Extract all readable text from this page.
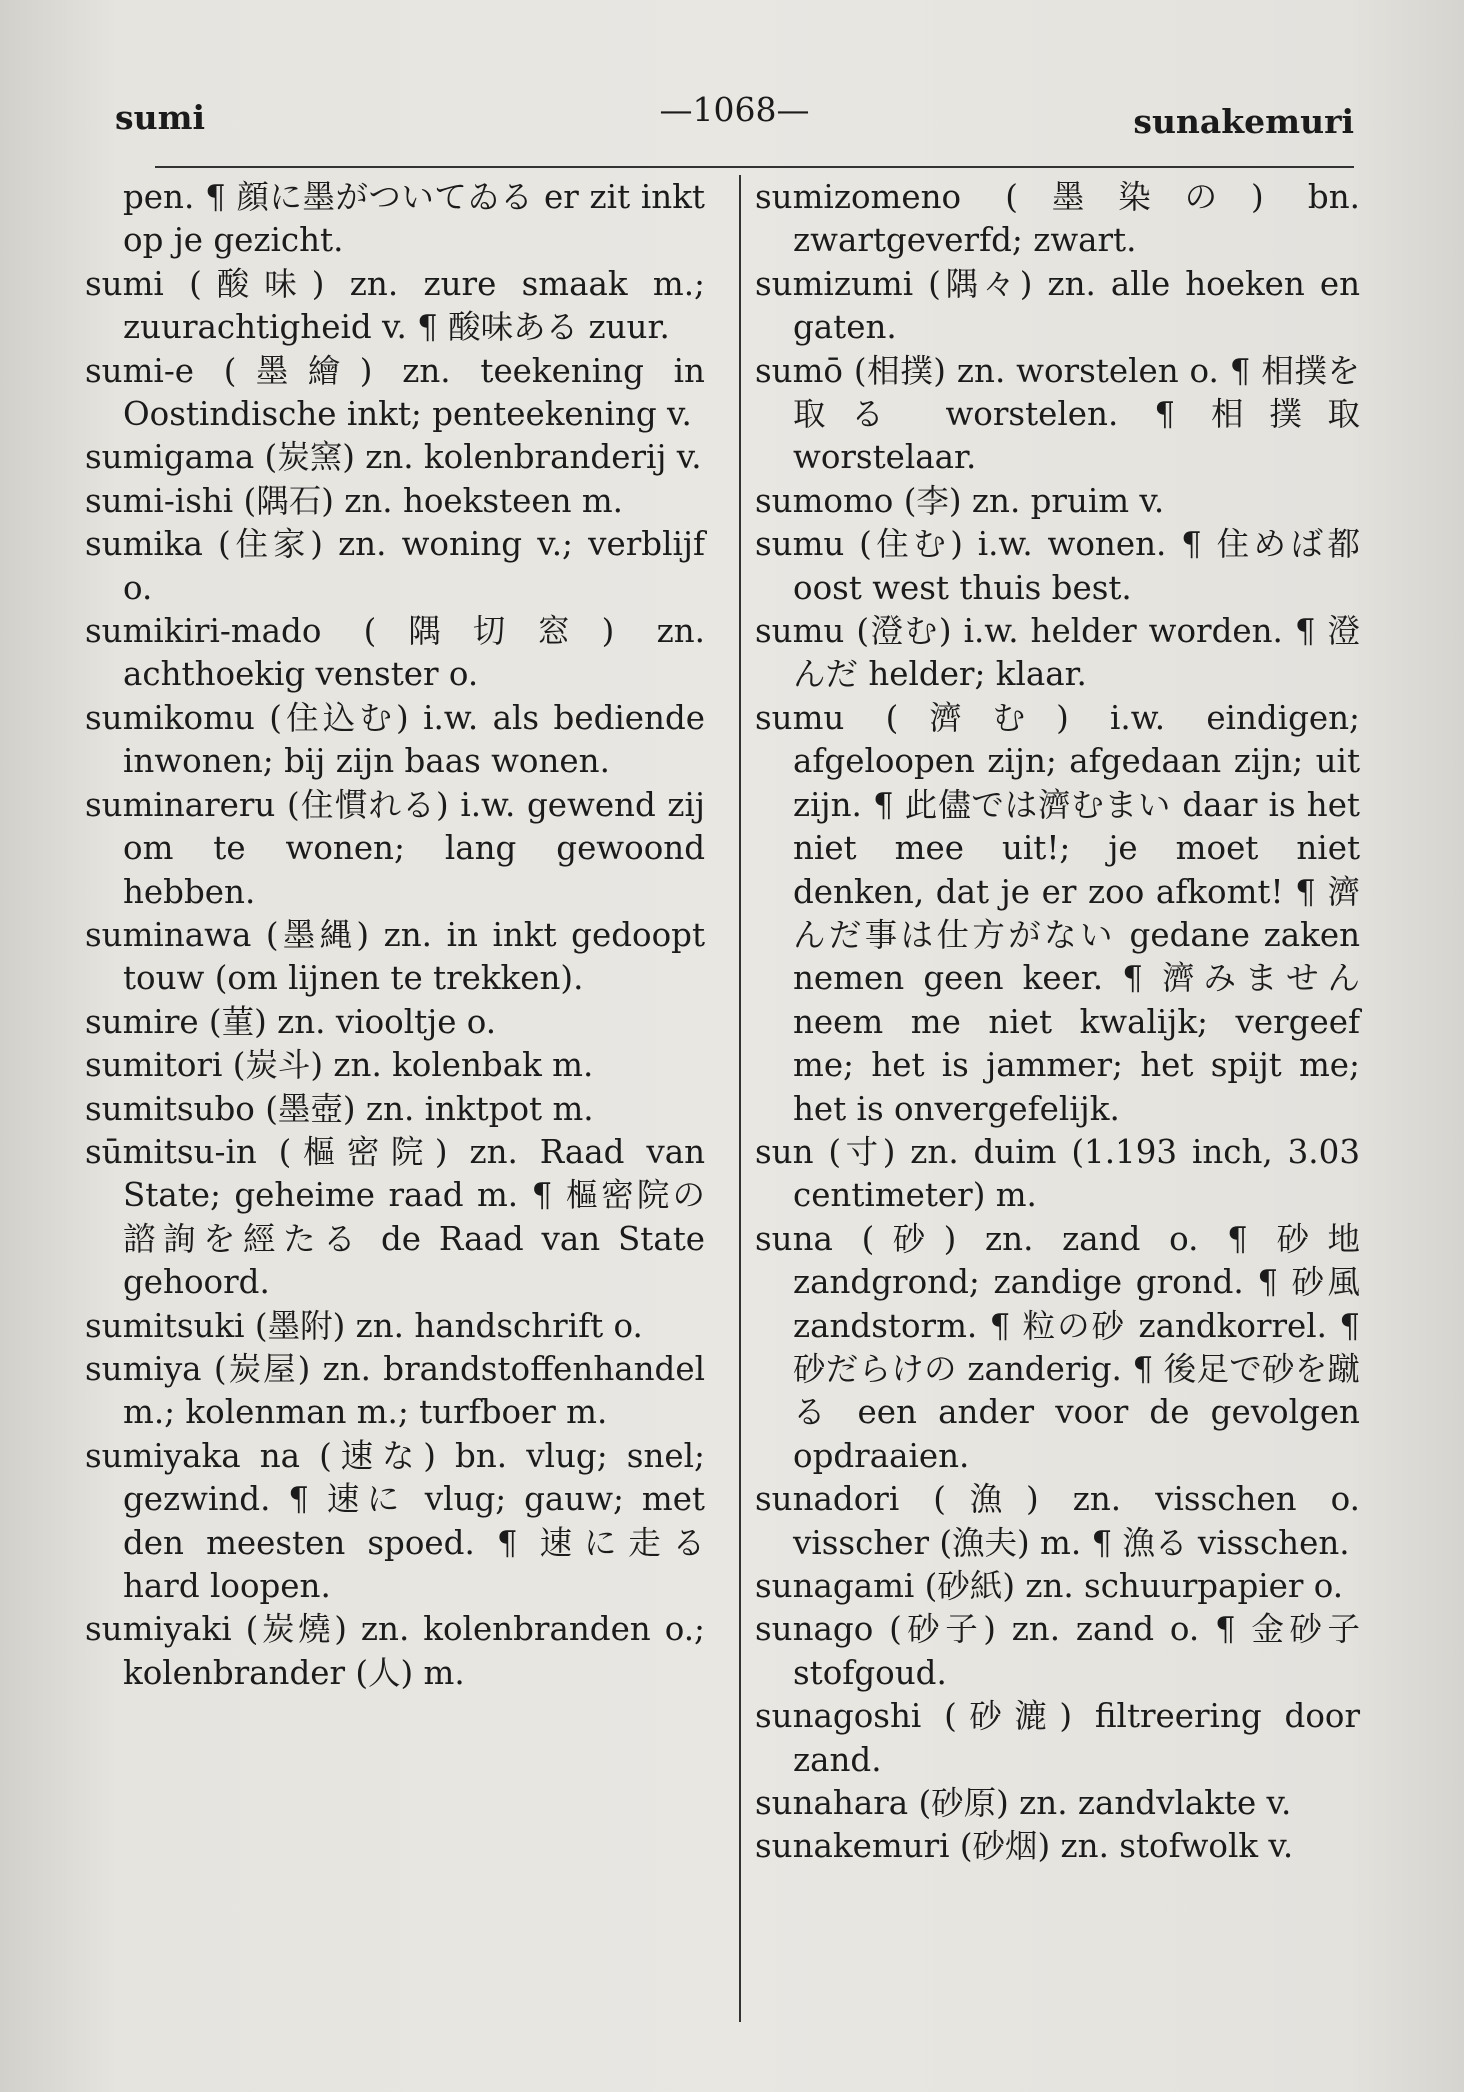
sumi	—1068—	sunakemuri
pen. ¶ 顔に墨がついてゐる er zit inkt op je gezicht.
sumi (酸味) zn. zure smaak m.; zuurachtigheid v. ¶ 酸味ある zuur.
sumi-e (墨繪) zn. teekening in Oostindische inkt; penteekening v.
sumigama (炭窯) zn. kolenbranderij v.
sumi-ishi (隅石) zn. hoeksteen m.
sumika (住家) zn. woning v.; verblijf o.
sumikiri-mado (隅切窓) zn. achthoekig venster o.
sumikomu (住込む) i.w. als bediende inwonen; bij zijn baas wonen.
suminareru (住慣れる) i.w. gewend zij om te wonen; lang gewoond hebben.
suminawa (墨縄) zn. in inkt gedoopt touw (om lijnen te trekken).
sumire (菫) zn. viooltje o.
sumitori (炭斗) zn. kolenbak m.
sumitsubo (墨壺) zn. inktpot m.
sūmitsu-in (樞密院) zn. Raad van State; geheime raad m. ¶ 樞密院の諮詢を經たる de Raad van State gehoord.
sumitsuki (墨附) zn. handschrift o.
sumiya (炭屋) zn. brandstoffenhandel m.; kolenman m.; turfboer m.
sumiyaka na (速な) bn. vlug; snel; gezwind. ¶ 速に vlug; gauw; met den meesten spoed. ¶ 速に走る hard loopen.
sumiyaki (炭燒) zn. kolenbranden o.; kolenbrander (人) m.
sumizomeno (墨染の) bn. zwartgeverfd; zwart.
sumizumi (隅々) zn. alle hoeken en gaten.
sumō (相撲) zn. worstelen o. ¶ 相撲を取る worstelen. ¶ 相撲取 worstelaar.
sumomo (李) zn. pruim v.
sumu (住む) i.w. wonen. ¶ 住めば都 oost west thuis best.
sumu (澄む) i.w. helder worden. ¶ 澄んだ helder; klaar.
sumu (濟む) i.w. eindigen; afgeloopen zijn; afgedaan zijn; uit zijn. ¶ 此儘では濟むまい daar is het niet mee uit!; je moet niet denken, dat je er zoo afkomt! ¶ 濟んだ事は仕方がない gedane zaken nemen geen keer. ¶ 濟みません neem me niet kwalijk; vergeef me; het is jammer; het spijt me; het is onvergefelijk.
sun (寸) zn. duim (1.193 inch, 3.03 centimeter) m.
suna (砂) zn. zand o. ¶ 砂地 zandgrond; zandige grond. ¶ 砂風 zandstorm. ¶ 粒の砂 zandkorrel. ¶ 砂だらけの zanderig. ¶ 後足で砂を蹴る een ander voor de gevolgen opdraaien.
sunadori (漁) zn. visschen o. visscher (漁夫) m. ¶ 漁る visschen.
sunagami (砂紙) zn. schuurpapier o.
sunago (砂子) zn. zand o. ¶ 金砂子 stofgoud.
sunagoshi (砂漉) filtreering door zand.
sunahara (砂原) zn. zandvlakte v.
sunakemuri (砂烟) zn. stofwolk v.
